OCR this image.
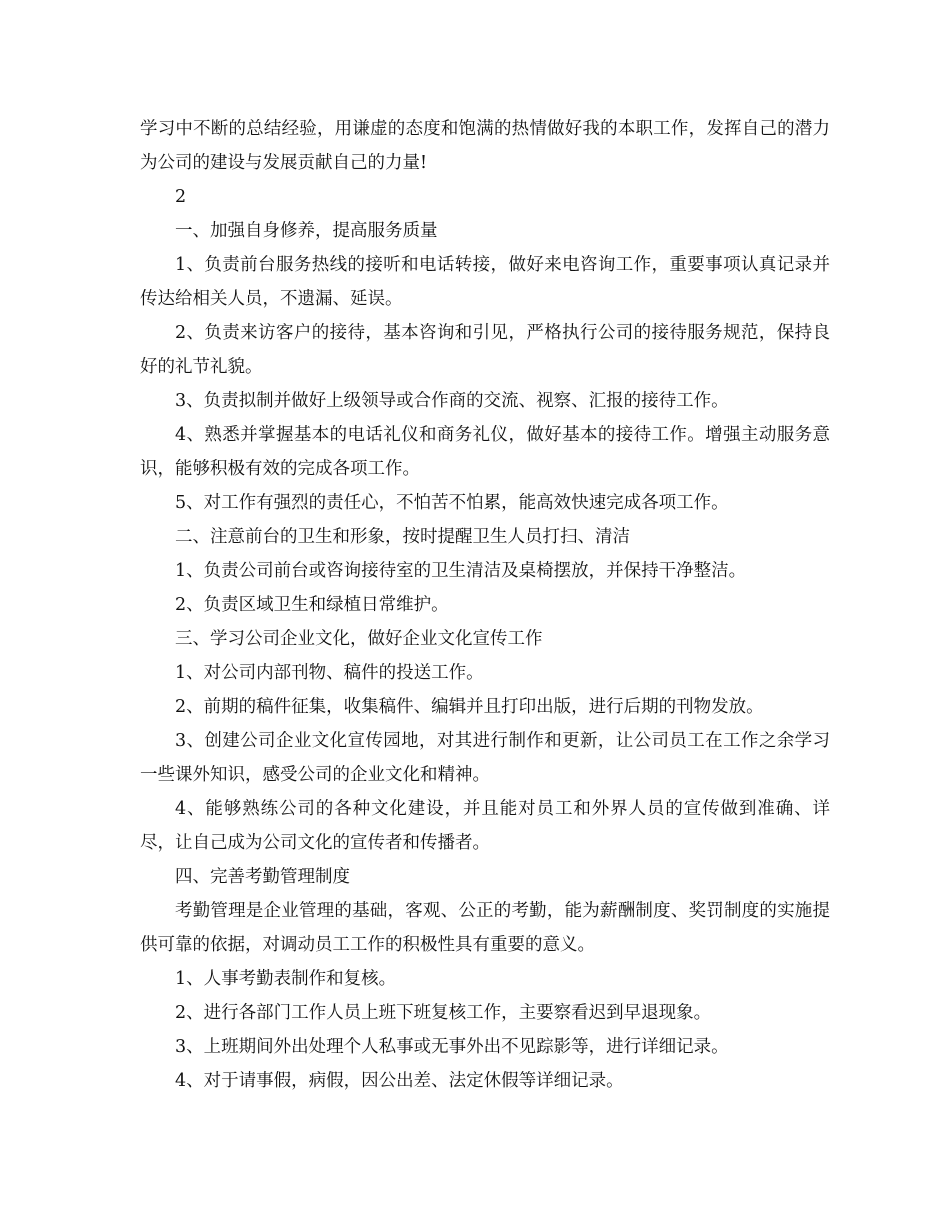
学习中不断的总结经验，用谦虚的态度和饱满的热情做好我的本职工作，发挥自己的潜力为公司的建设与发展贡献自己的力量!

2

一、加强自身修养，提高服务质量

1、负责前台服务热线的接听和电话转接，做好来电咨询工作，重要事项认真记录并传达给相关人员，不遗漏、延误。

2、负责来访客户的接待，基本咨询和引见，严格执行公司的接待服务规范，保持良好的礼节礼貌。

3、负责拟制并做好上级领导或合作商的交流、视察、汇报的接待工作。

4、熟悉并掌握基本的电话礼仪和商务礼仪，做好基本的接待工作。增强主动服务意识，能够积极有效的完成各项工作。

5、对工作有强烈的责任心，不怕苦不怕累，能高效快速完成各项工作。

二、注意前台的卫生和形象，按时提醒卫生人员打扫、清洁

1、负责公司前台或咨询接待室的卫生清洁及桌椅摆放，并保持干净整洁。

2、负责区域卫生和绿植日常维护。

三、学习公司企业文化，做好企业文化宣传工作

1、对公司内部刊物、稿件的投送工作。

2、前期的稿件征集，收集稿件、编辑并且打印出版，进行后期的刊物发放。

3、创建公司企业文化宣传园地，对其进行制作和更新，让公司员工在工作之余学习一些课外知识，感受公司的企业文化和精神。

4、能够熟练公司的各种文化建设，并且能对员工和外界人员的宣传做到准确、详尽，让自己成为公司文化的宣传者和传播者。

四、完善考勤管理制度

考勤管理是企业管理的基础，客观、公正的考勤，能为薪酬制度、奖罚制度的实施提供可靠的依据，对调动员工工作的积极性具有重要的意义。

1、人事考勤表制作和复核。

2、进行各部门工作人员上班下班复核工作，主要察看迟到早退现象。

3、上班期间外出处理个人私事或无事外出不见踪影等，进行详细记录。

4、对于请事假，病假，因公出差、法定休假等详细记录。
